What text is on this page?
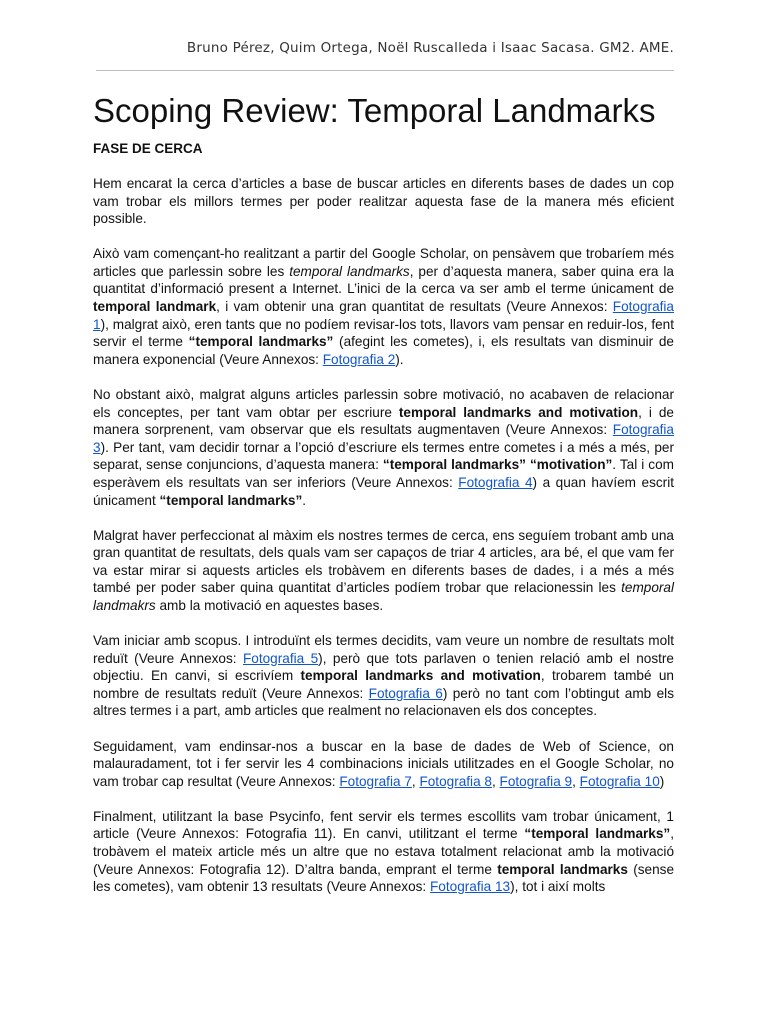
Bruno Pérez, Quim Ortega, Noël Ruscalleda i Isaac Sacasa. GM2. AME.
Scoping Review: Temporal Landmarks
FASE DE CERCA

Hem encarat la cerca d’articles a base de buscar articles en diferents bases de dades un cop vam trobar els millors termes per poder realitzar aquesta fase de la manera més eficient possible.

Això vam començant-ho realitzant a partir del Google Scholar, on pensàvem que trobaríem més articles que parlessin sobre les temporal landmarks, per d’aquesta manera, saber quina era la quantitat d’informació present a Internet. L’inici de la cerca va ser amb el terme únicament de temporal landmark, i vam obtenir una gran quantitat de resultats (Veure Annexos: Fotografia 1), malgrat això, eren tants que no podíem revisar-los tots, llavors vam pensar en reduir-los, fent servir el terme “temporal landmarks” (afegint les cometes), i, els resultats van disminuir de manera exponencial (Veure Annexos: Fotografia 2).

No obstant això, malgrat alguns articles parlessin sobre motivació, no acabaven de relacionar els conceptes, per tant vam obtar per escriure temporal landmarks and motivation, i de manera sorprenent, vam observar que els resultats augmentaven (Veure Annexos: Fotografia 3). Per tant, vam decidir tornar a l’opció d’escriure els termes entre cometes i a més a més, per separat, sense conjuncions, d’aquesta manera: “temporal landmarks” “motivation”. Tal i com esperàvem els resultats van ser inferiors (Veure Annexos: Fotografia 4) a quan havíem escrit únicament “temporal landmarks”.

Malgrat haver perfeccionat al màxim els nostres termes de cerca, ens seguíem trobant amb una gran quantitat de resultats, dels quals vam ser capaços de triar 4 articles, ara bé, el que vam fer va estar mirar si aquests articles els trobàvem en diferents bases de dades, i a més a més també per poder saber quina quantitat d’articles podíem trobar que relacionessin les temporal landmakrs amb la motivació en aquestes bases.

Vam iniciar amb scopus. I introduïnt els termes decidits, vam veure un nombre de resultats molt reduït (Veure Annexos: Fotografia 5), però que tots parlaven o tenien relació amb el nostre objectiu. En canvi, si escrivíem temporal landmarks and motivation, trobarem també un nombre de resultats reduït (Veure Annexos: Fotografia 6) però no tant com l’obtingut amb els altres termes i a part, amb articles que realment no relacionaven els dos conceptes.

Seguidament, vam endinsar-nos a buscar en la base de dades de Web of Science, on malauradament, tot i fer servir les 4 combinacions inicials utilitzades en el Google Scholar, no vam trobar cap resultat (Veure Annexos: Fotografia 7, Fotografia 8, Fotografia 9, Fotografia 10)

Finalment, utilitzant la base Psycinfo, fent servir els termes escollits vam trobar únicament, 1 article (Veure Annexos: Fotografia 11). En canvi, utilitzant el terme “temporal landmarks”, trobàvem el mateix article més un altre que no estava totalment relacionat amb la motivació (Veure Annexos: Fotografia 12). D’altra banda, emprant el terme temporal landmarks (sense les cometes), vam obtenir 13 resultats (Veure Annexos: Fotografia 13), tot i així molts
